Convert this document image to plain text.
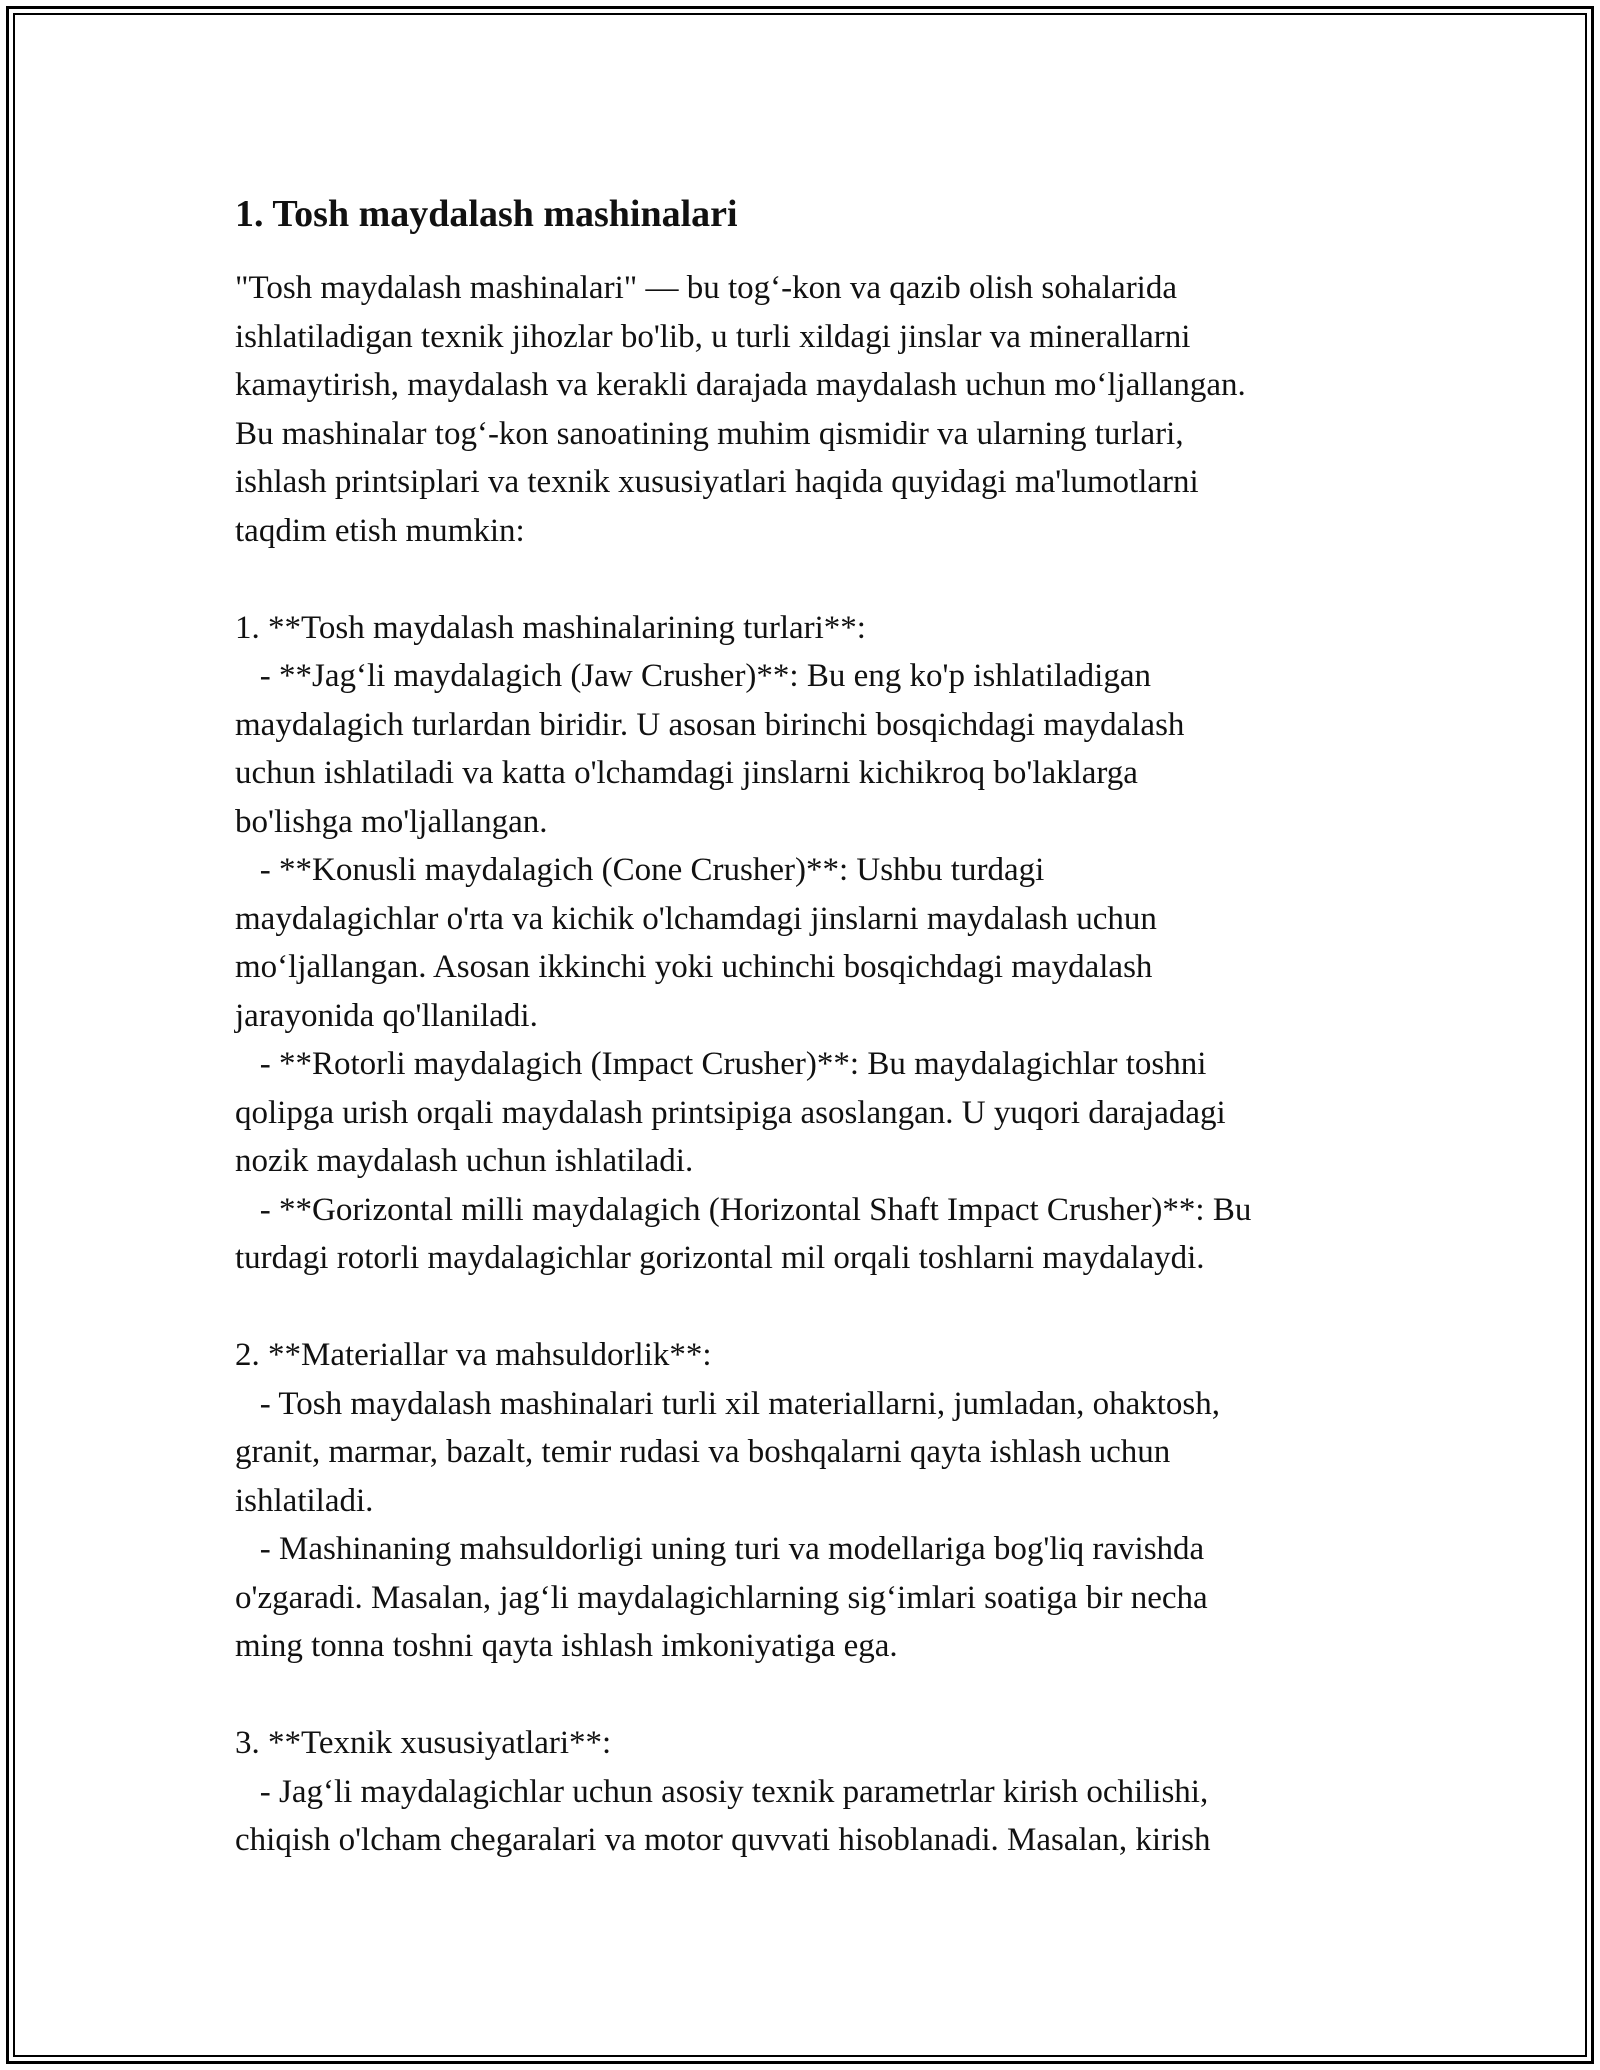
1. Tosh maydalash mashinalari

"Tosh maydalash mashinalari" — bu tog‘-kon va qazib olish sohalarida
ishlatiladigan texnik jihozlar bo'lib, u turli xildagi jinslar va minerallarni
kamaytirish, maydalash va kerakli darajada maydalash uchun mo‘ljallangan.
Bu mashinalar tog‘-kon sanoatining muhim qismidir va ularning turlari,
ishlash printsiplari va texnik xususiyatlari haqida quyidagi ma'lumotlarni
taqdim etish mumkin:

1. **Tosh maydalash mashinalarining turlari**:
- **Jag‘li maydalagich (Jaw Crusher)**: Bu eng ko'p ishlatiladigan
maydalagich turlardan biridir. U asosan birinchi bosqichdagi maydalash
uchun ishlatiladi va katta o'lchamdagi jinslarni kichikroq bo'laklarga
bo'lishga mo'ljallangan.
- **Konusli maydalagich (Cone Crusher)**: Ushbu turdagi
maydalagichlar o'rta va kichik o'lchamdagi jinslarni maydalash uchun
mo‘ljallangan. Asosan ikkinchi yoki uchinchi bosqichdagi maydalash
jarayonida qo'llaniladi.
- **Rotorli maydalagich (Impact Crusher)**: Bu maydalagichlar toshni
qolipga urish orqali maydalash printsipiga asoslangan. U yuqori darajadagi
nozik maydalash uchun ishlatiladi.
- **Gorizontal milli maydalagich (Horizontal Shaft Impact Crusher)**: Bu
turdagi rotorli maydalagichlar gorizontal mil orqali toshlarni maydalaydi.

2. **Materiallar va mahsuldorlik**:
- Tosh maydalash mashinalari turli xil materiallarni, jumladan, ohaktosh,
granit, marmar, bazalt, temir rudasi va boshqalarni qayta ishlash uchun
ishlatiladi.
- Mashinaning mahsuldorligi uning turi va modellariga bog'liq ravishda
o'zgaradi. Masalan, jag‘li maydalagichlarning sig‘imlari soatiga bir necha
ming tonna toshni qayta ishlash imkoniyatiga ega.

3. **Texnik xususiyatlari**:
- Jag‘li maydalagichlar uchun asosiy texnik parametrlar kirish ochilishi,
chiqish o'lcham chegaralari va motor quvvati hisoblanadi. Masalan, kirish
